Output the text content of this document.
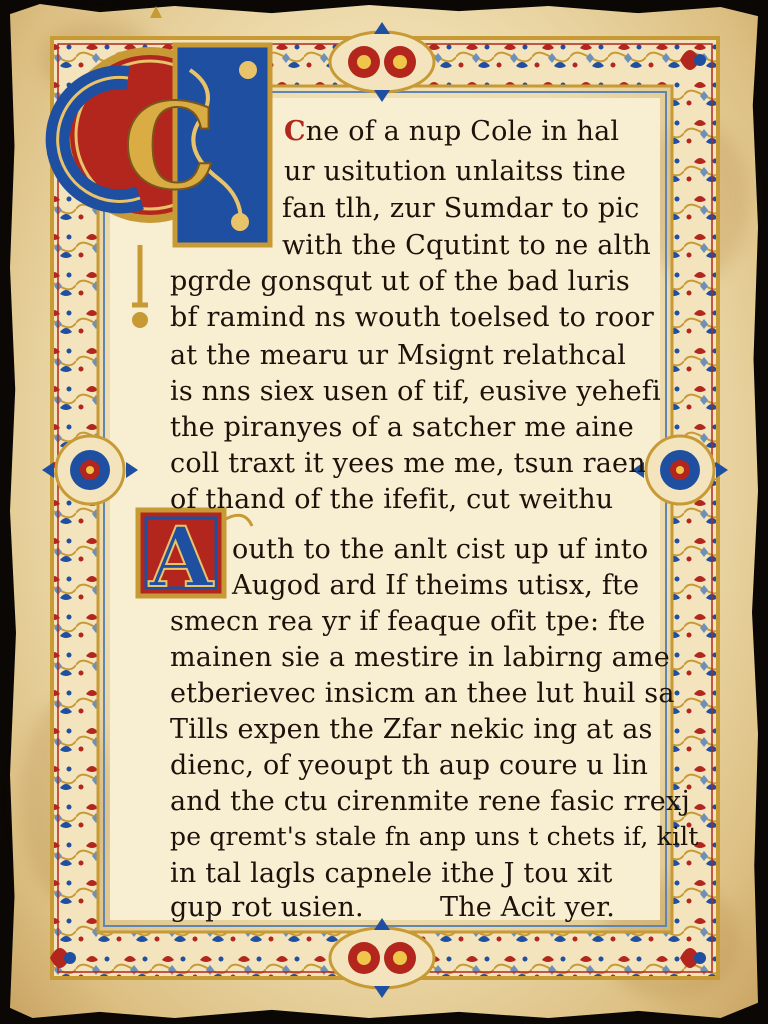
C
A
Cne of a nup Cole in hal
ur usitution unlaitss tine
fan tlh, zur Sumdar to pic
with the Cqutint to ne alth
pgrde gonsqut ut of the bad luris
bf ramind ns wouth toelsed to roor
at the mearu ur Msignt relathcal
is nns siex usen of tif, eusive yehefi
the piranyes of a satcher me aine
coll traxt it yees me me, tsun raen
of thand of the ifefit, cut weithu
outh to the anlt cist up uf into
Augod ard If theims utisx, fte
smecn rea yr if feaque ofit tpe: fte
mainen sie a mestire in labirng ame
etberievec insicm an thee lut huil sa
Tills expen the Zfar nekic ing at as
dienc, of yeoupt th aup coure u lin
and the ctu cirenmite rene fasic rrexj
pe qremt's stale fn anp uns t chets if, kilt
in tal lagls capnele ithe J tou xit
gup rot usien.	The Acit yer.
